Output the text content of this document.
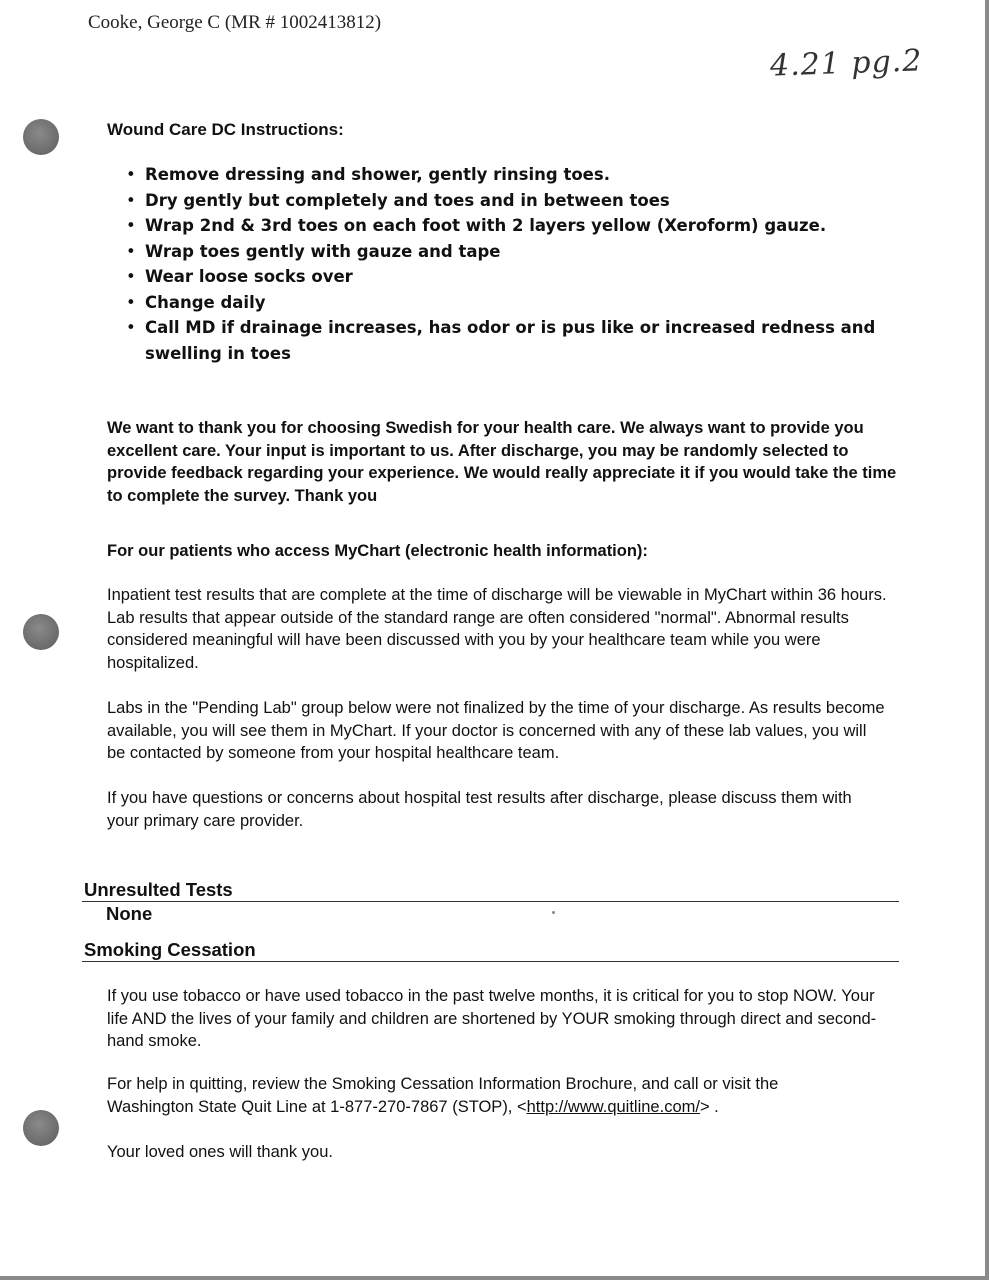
Cooke, George C (MR # 1002413812)
4.21 pg.2
Wound Care DC Instructions:
• Remove dressing and shower, gently rinsing toes.
• Dry gently but completely and toes and in between toes
• Wrap 2nd & 3rd toes on each foot with 2 layers yellow (Xeroform) gauze.
• Wrap toes gently with gauze and tape
• Wear loose socks over
• Change daily
• Call MD if drainage increases, has odor or is pus like or increased redness and swelling in toes

We want to thank you for choosing Swedish for your health care. We always want to provide you excellent care. Your input is important to us. After discharge, you may be randomly selected to provide feedback regarding your experience. We would really appreciate it if you would take the time to complete the survey. Thank you

For our patients who access MyChart (electronic health information):

Inpatient test results that are complete at the time of discharge will be viewable in MyChart within 36 hours. Lab results that appear outside of the standard range are often considered "normal". Abnormal results considered meaningful will have been discussed with you by your healthcare team while you were hospitalized.

Labs in the "Pending Lab" group below were not finalized by the time of your discharge. As results become available, you will see them in MyChart. If your doctor is concerned with any of these lab values, you will be contacted by someone from your hospital healthcare team.

If you have questions or concerns about hospital test results after discharge, please discuss them with your primary care provider.

Unresulted Tests
None
Smoking Cessation

If you use tobacco or have used tobacco in the past twelve months, it is critical for you to stop NOW. Your life AND the lives of your family and children are shortened by YOUR smoking through direct and second-hand smoke.

For help in quitting, review the Smoking Cessation Information Brochure, and call or visit the Washington State Quit Line at 1-877-270-7867 (STOP), <http://www.quitline.com/> .

Your loved ones will thank you.
